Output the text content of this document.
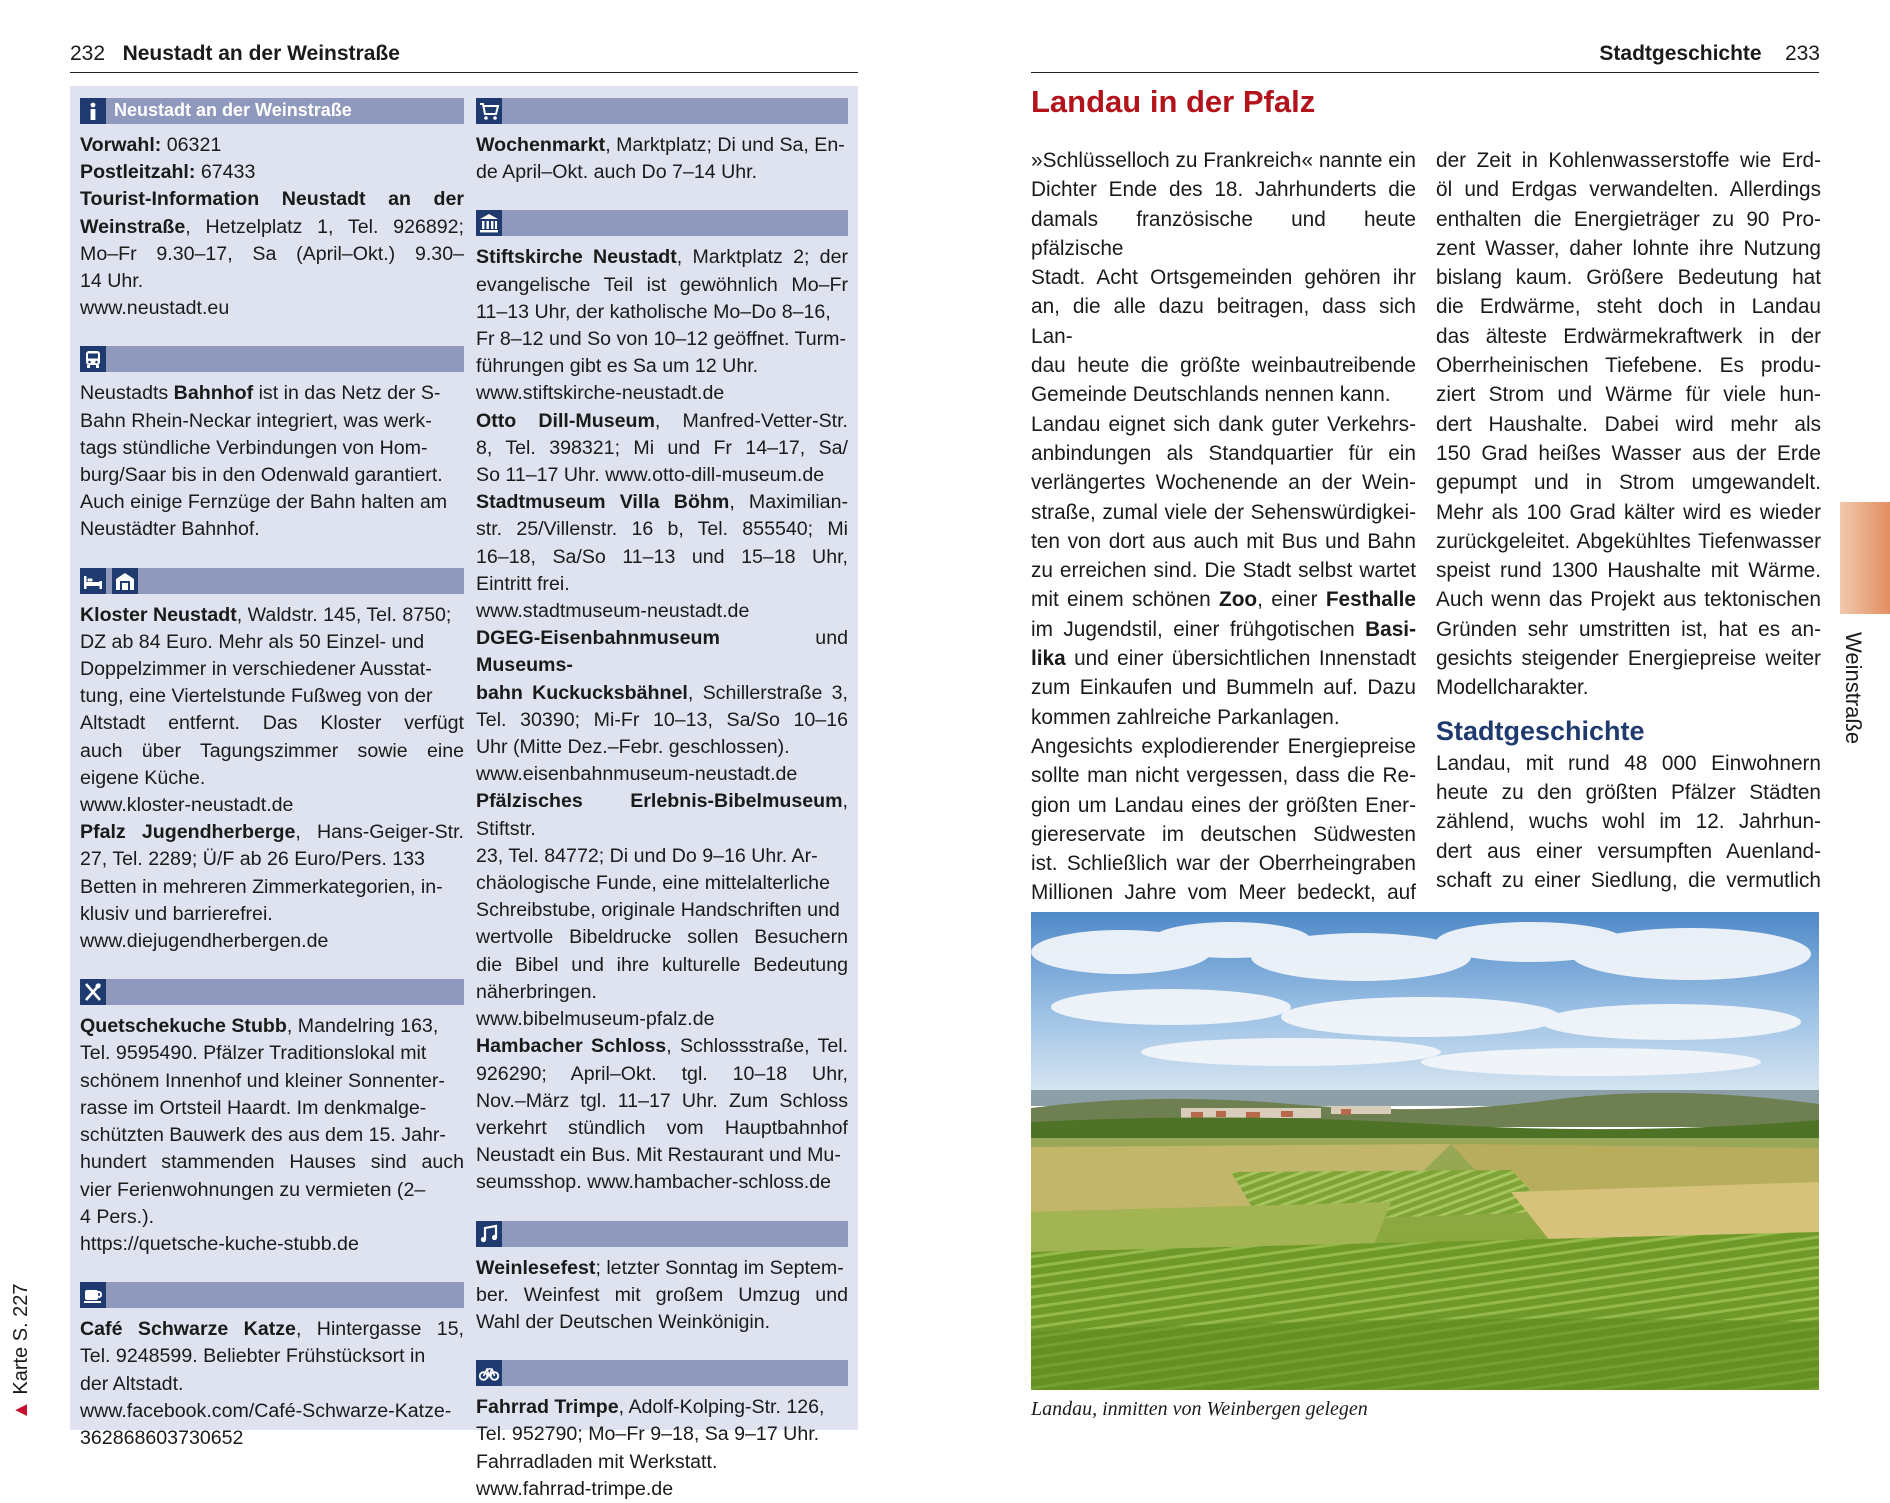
232 Neustadt an der Weinstraße	Stadtgeschichte 233
Neustadt an der Weinstraße

Vorwahl: 06321

Postleitzahl: 67433

Tourist-Information Neustadt an der

Weinstraße, Hetzelplatz 1, Tel. 926892;

Mo–Fr 9.30–17, Sa (April–Okt.) 9.30–

14 Uhr.

www.neustadt.eu

Neustadts Bahnhof ist in das Netz der S-

Bahn Rhein-Neckar integriert, was werk-

tags stündliche Verbindungen von Hom-

burg/Saar bis in den Odenwald garantiert.

Auch einige Fernzüge der Bahn halten am

Neustädter Bahnhof.

Kloster Neustadt, Waldstr. 145, Tel. 8750;

DZ ab 84 Euro. Mehr als 50 Einzel- und

Doppelzimmer in verschiedener Ausstat-

tung, eine Viertelstunde Fußweg von der

Altstadt entfernt. Das Kloster verfügt

auch über Tagungszimmer sowie eine

eigene Küche.

www.kloster-neustadt.de

Pfalz Jugendherberge, Hans-Geiger-Str.

27, Tel. 2289; Ü/F ab 26 Euro/Pers. 133

Betten in mehreren Zimmerkategorien, in-

klusiv und barrierefrei.

www.diejugendherbergen.de

Quetschekuche Stubb, Mandelring 163,

Tel. 9595490. Pfälzer Traditionslokal mit

schönem Innenhof und kleiner Sonnenter-

rasse im Ortsteil Haardt. Im denkmalge-

schützten Bauwerk des aus dem 15. Jahr-

hundert stammenden Hauses sind auch

vier Ferienwohnungen zu vermieten (2–

4 Pers.).

https://quetsche-kuche-stubb.de

Café Schwarze Katze, Hintergasse 15,

Tel. 9248599. Beliebter Frühstücksort in

der Altstadt.

www.facebook.com/Café-Schwarze-Katze-

362868603730652

Wochenmarkt, Marktplatz; Di und Sa, En-

de April–Okt. auch Do 7–14 Uhr.

Stiftskirche Neustadt, Marktplatz 2; der

evangelische Teil ist gewöhnlich Mo–Fr

11–13 Uhr, der katholische Mo–Do 8–16,

Fr 8–12 und So von 10–12 geöffnet. Turm-

führungen gibt es Sa um 12 Uhr.

www.stiftskirche-neustadt.de

Otto Dill-Museum, Manfred-Vetter-Str.

8, Tel. 398321; Mi und Fr 14–17, Sa/

So 11–17 Uhr. www.otto-dill-museum.de

Stadtmuseum Villa Böhm, Maximilian-

str. 25/Villenstr. 16 b, Tel. 855540; Mi

16–18, Sa/So 11–13 und 15–18 Uhr,

Eintritt frei.

www.stadtmuseum-neustadt.de

DGEG-Eisenbahnmuseum und Museums-

bahn Kuckucksbähnel, Schillerstraße 3,

Tel. 30390; Mi-Fr 10–13, Sa/So 10–16

Uhr (Mitte Dez.–Febr. geschlossen).

www.eisenbahnmuseum-neustadt.de

Pfälzisches Erlebnis-Bibelmuseum, Stiftstr.

23, Tel. 84772; Di und Do 9–16 Uhr. Ar-

chäologische Funde, eine mittelalterliche

Schreibstube, originale Handschriften und

wertvolle Bibeldrucke sollen Besuchern

die Bibel und ihre kulturelle Bedeutung

näherbringen.

www.bibelmuseum-pfalz.de

Hambacher Schloss, Schlossstraße, Tel.

926290; April–Okt. tgl. 10–18 Uhr,

Nov.–März tgl. 11–17 Uhr. Zum Schloss

verkehrt stündlich vom Hauptbahnhof

Neustadt ein Bus. Mit Restaurant und Mu-

seumsshop. www.hambacher-schloss.de

Weinlesefest; letzter Sonntag im Septem-

ber. Weinfest mit großem Umzug und

Wahl der Deutschen Weinkönigin.

Fahrrad Trimpe, Adolf-Kolping-Str. 126,

Tel. 952790; Mo–Fr 9–18, Sa 9–17 Uhr.

Fahrradladen mit Werkstatt.

www.fahrrad-trimpe.de

▲ Karte S. 227
Landau in der Pfalz

»Schlüsselloch zu Frankreich« nannte ein

Dichter Ende des 18. Jahrhunderts die

damals französische und heute pfälzische

Stadt. Acht Ortsgemeinden gehören ihr

an, die alle dazu beitragen, dass sich Lan-

dau heute die größte weinbautreibende

Gemeinde Deutschlands nennen kann.

Landau eignet sich dank guter Verkehrs-

anbindungen als Standquartier für ein

verlängertes Wochenende an der Wein-

straße, zumal viele der Sehenswürdigkei-

ten von dort aus auch mit Bus und Bahn

zu erreichen sind. Die Stadt selbst wartet

mit einem schönen Zoo, einer Festhalle

im Jugendstil, einer frühgotischen Basi-

lika und einer übersichtlichen Innenstadt

zum Einkaufen und Bummeln auf. Dazu

kommen zahlreiche Parkanlagen.

Angesichts explodierender Energiepreise

sollte man nicht vergessen, dass die Re-

gion um Landau eines der größten Ener-

giereservate im deutschen Südwesten

ist. Schließlich war der Oberrheingraben

Millionen Jahre vom Meer bedeckt, auf

der Zeit in Kohlenwasserstoffe wie Erd-

öl und Erdgas verwandelten. Allerdings

enthalten die Energieträger zu 90 Pro-

zent Wasser, daher lohnte ihre Nutzung

bislang kaum. Größere Bedeutung hat

die Erdwärme, steht doch in Landau

das älteste Erdwärmekraftwerk in der

Oberrheinischen Tiefebene. Es produ-

ziert Strom und Wärme für viele hun-

dert Haushalte. Dabei wird mehr als

150 Grad heißes Wasser aus der Erde

gepumpt und in Strom umgewandelt.

Mehr als 100 Grad kälter wird es wieder

zurückgeleitet. Abgekühltes Tiefenwasser

speist rund 1300 Haushalte mit Wärme.

Auch wenn das Projekt aus tektonischen

Gründen sehr umstritten ist, hat es an-

gesichts steigender Energiepreise weiter

Modellcharakter.

Stadtgeschichte

Landau, mit rund 48 000 Einwohnern

heute zu den größten Pfälzer Städten

zählend, wuchs wohl im 12. Jahrhun-

dert aus einer versumpften Auenland-

schaft zu einer Siedlung, die vermutlich

Landau, inmitten von Weinbergen gelegen
Weinstraße
